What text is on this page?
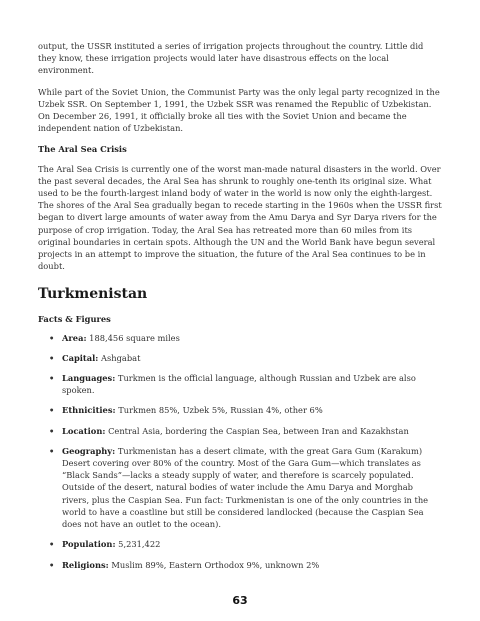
output, the USSR instituted a series of irrigation projects throughout the country. Little did they know, these irrigation projects would later have disastrous effects on the local environment.

While part of the Soviet Union, the Communist Party was the only legal party recognized in the Uzbek SSR. On September 1, 1991, the Uzbek SSR was renamed the Republic of Uzbekistan. On December 26, 1991, it officially broke all ties with the Soviet Union and became the independent nation of Uzbekistan.

The Aral Sea Crisis

The Aral Sea Crisis is currently one of the worst man-made natural disasters in the world. Over the past several decades, the Aral Sea has shrunk to roughly one-tenth its original size. What used to be the fourth-largest inland body of water in the world is now only the eighth-largest. The shores of the Aral Sea gradually began to recede starting in the 1960s when the USSR first began to divert large amounts of water away from the Amu Darya and Syr Darya rivers for the purpose of crop irrigation. Today, the Aral Sea has retreated more than 60 miles from its original boundaries in certain spots. Although the UN and the World Bank have begun several projects in an attempt to improve the situation, the future of the Aral Sea continues to be in doubt.

Turkmenistan
Facts & Figures
• Area: 188,456 square miles
• Capital: Ashgabat
• Languages: Turkmen is the official language, although Russian and Uzbek are also spoken.
• Ethnicities: Turkmen 85%, Uzbek 5%, Russian 4%, other 6%
• Location: Central Asia, bordering the Caspian Sea, between Iran and Kazakhstan
• Geography: Turkmenistan has a desert climate, with the great Gara Gum (Karakum) Desert covering over 80% of the country. Most of the Gara Gum—which translates as “Black Sands”—lacks a steady supply of water, and therefore is scarcely populated. Outside of the desert, natural bodies of water include the Amu Darya and Morghab rivers, plus the Caspian Sea. Fun fact: Turkmenistan is one of the only countries in the world to have a coastline but still be considered landlocked (because the Caspian Sea does not have an outlet to the ocean).
• Population: 5,231,422
• Religions: Muslim 89%, Eastern Orthodox 9%, unknown 2%
63
